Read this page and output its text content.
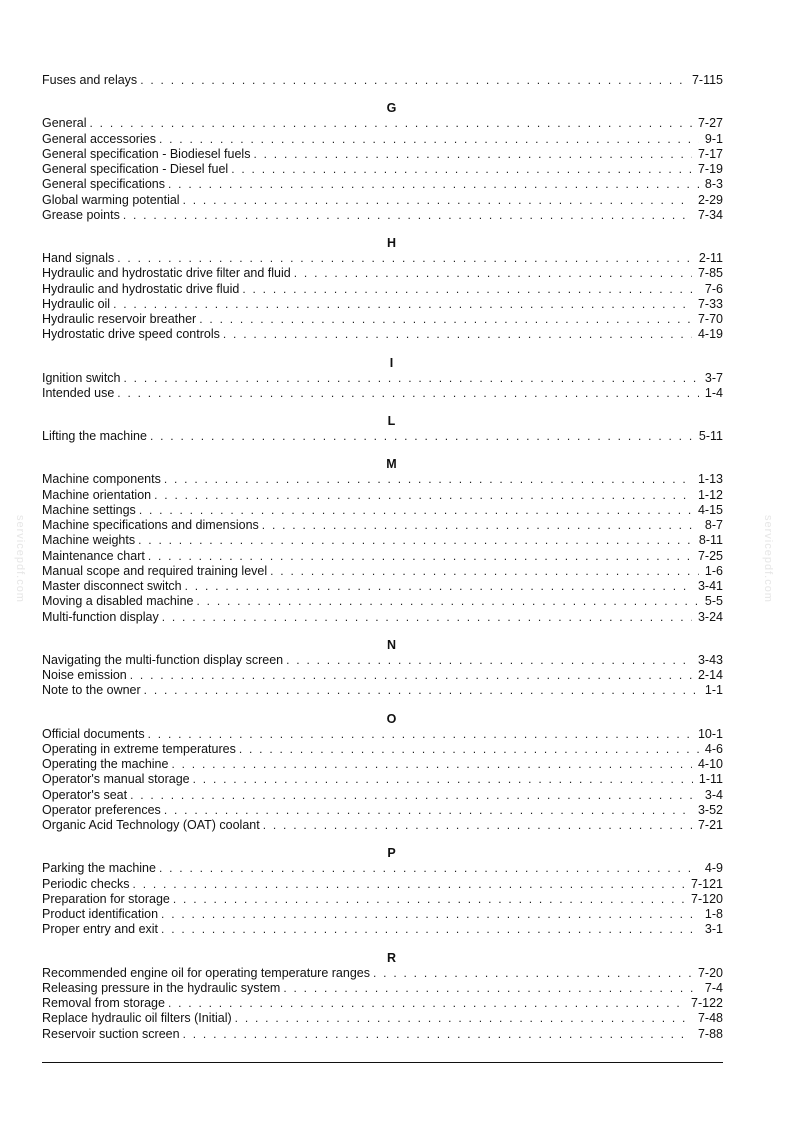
servicepdf.com	servicepdf.com
Fuses and relays . . .	7-115
G
General . . .	7-27
General accessories . . .	9-1
General specification - Biodiesel fuels . . .	7-17
General specification - Diesel fuel . . .	7-19
General specifications . . .	8-3
Global warming potential . . .	2-29
Grease points . . .	7-34
H
Hand signals . . .	2-11
Hydraulic and hydrostatic drive filter and fluid . . .	7-85
Hydraulic and hydrostatic drive fluid . . .	7-6
Hydraulic oil . . .	7-33
Hydraulic reservoir breather . . .	7-70
Hydrostatic drive speed controls . . .	4-19
I
Ignition switch . . .	3-7
Intended use . . .	1-4
L
Lifting the machine . . .	5-11
M
Machine components . . .	1-13
Machine orientation . . .	1-12
Machine settings . . .	4-15
Machine specifications and dimensions . . .	8-7
Machine weights . . .	8-11
Maintenance chart . . .	7-25
Manual scope and required training level . . .	1-6
Master disconnect switch . . .	3-41
Moving a disabled machine . . .	5-5
Multi-function display . . .	3-24
N
Navigating the multi-function display screen . . .	3-43
Noise emission . . .	2-14
Note to the owner . . .	1-1
O
Official documents . . .	10-1
Operating in extreme temperatures . . .	4-6
Operating the machine . . .	4-10
Operator's manual storage . . .	1-11
Operator's seat . . .	3-4
Operator preferences . . .	3-52
Organic Acid Technology (OAT) coolant . . .	7-21
P
Parking the machine . . .	4-9
Periodic checks . . .	7-121
Preparation for storage . . .	7-120
Product identification . . .	1-8
Proper entry and exit . . .	3-1
R
Recommended engine oil for operating temperature ranges . . .	7-20
Releasing pressure in the hydraulic system . . .	7-4
Removal from storage . . .	7-122
Replace hydraulic oil filters (Initial) . . .	7-48
Reservoir suction screen . . .	7-88
